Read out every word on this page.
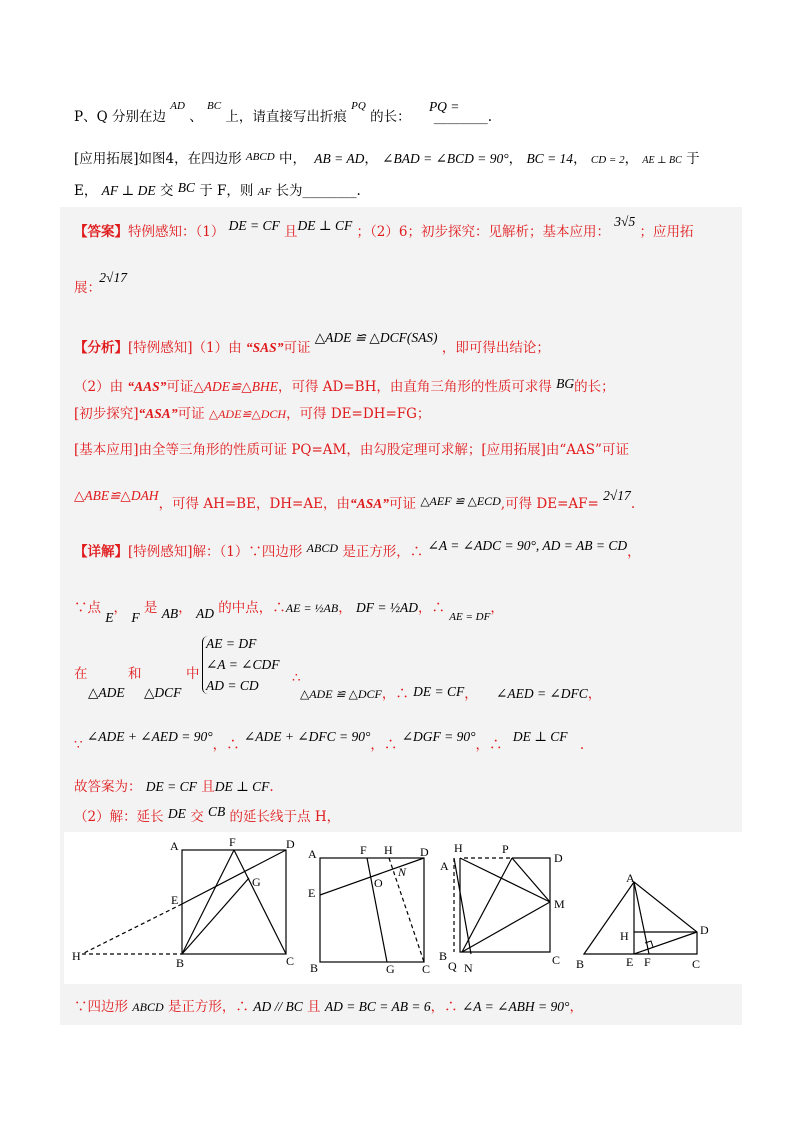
P、Q 分别在边 $^{AD}$ 、 $^{BC}$ 上，请直接写出折痕 $^{PQ}$ 的长： PQ = ________.
[应用拓展]如图4，在四边形 $^{ABCD}$ 中， AB = AD， ∠BAD = ∠BCD = 90°， BC = 14， CD = 2， AE ⊥ BC 于
E， AF ⊥ DE 交 BC 于 F，则 AF 长为________.
【答案】特例感知：（1） DE = CF 且DE ⊥ CF ；（2）6；初步探究：见解析；基本应用： 3√5 ；应用拓
展： 2√17
【分析】[特例感知]（1）由 “SAS”可证 △ADE ≌ △DCF(SAS) ，即可得出结论；
（2）由 “AAS”可证△ADE≌△BHE，可得 AD=BH，由直角三角形的性质可求得 BG的长；
[初步探究]“ASA”可证 △ADE≌△DCH，可得 DE=DH=FG；
[基本应用]由全等三角形的性质可证 PQ=AM，由勾股定理可求解；[应用拓展]由“AAS”可证
△ABE≌△DAH，可得 AH=BE，DH=AE，由“ASA”可证 △AEF ≌ △ECD,可得 DE=AF= 2√17.
【详解】[特例感知]解：（1）∵四边形 ABCD 是正方形，∴ ∠A = ∠ADC = 90°, AD = AB = CD，
∵点 E， F 是 AB， AD 的中点，∴AE = ½AB， DF = ½AD，∴ $_{AE = DF}$，
在
△ADE
和
△DCF
中
AE = DF
∠A = ∠CDF
AD = CD ∴
△ADE ≌ △DCF，∴ DE = CF， ∠AED = ∠DFC，
∵ ∠ADE + ∠AED = 90°，∴ ∠ADE + ∠DFC = 90°，∴ ∠DGF = 90°，∴ DE ⊥ CF .
故答案为： DE = CF 且DE ⊥ CF.
（2）解：延长 DE 交 CB 的延长线于点 H，
A	F	D
E
G
H	B	C
A	F H D
E
O
N
B	G C
H	P
D
A
M
B
Q N
C
A
H	D
B	E F	C
∵四边形 ABCD 是正方形，∴ AD // BC 且 AD = BC = AB = 6，∴ ∠A = ∠ABH = 90°，
